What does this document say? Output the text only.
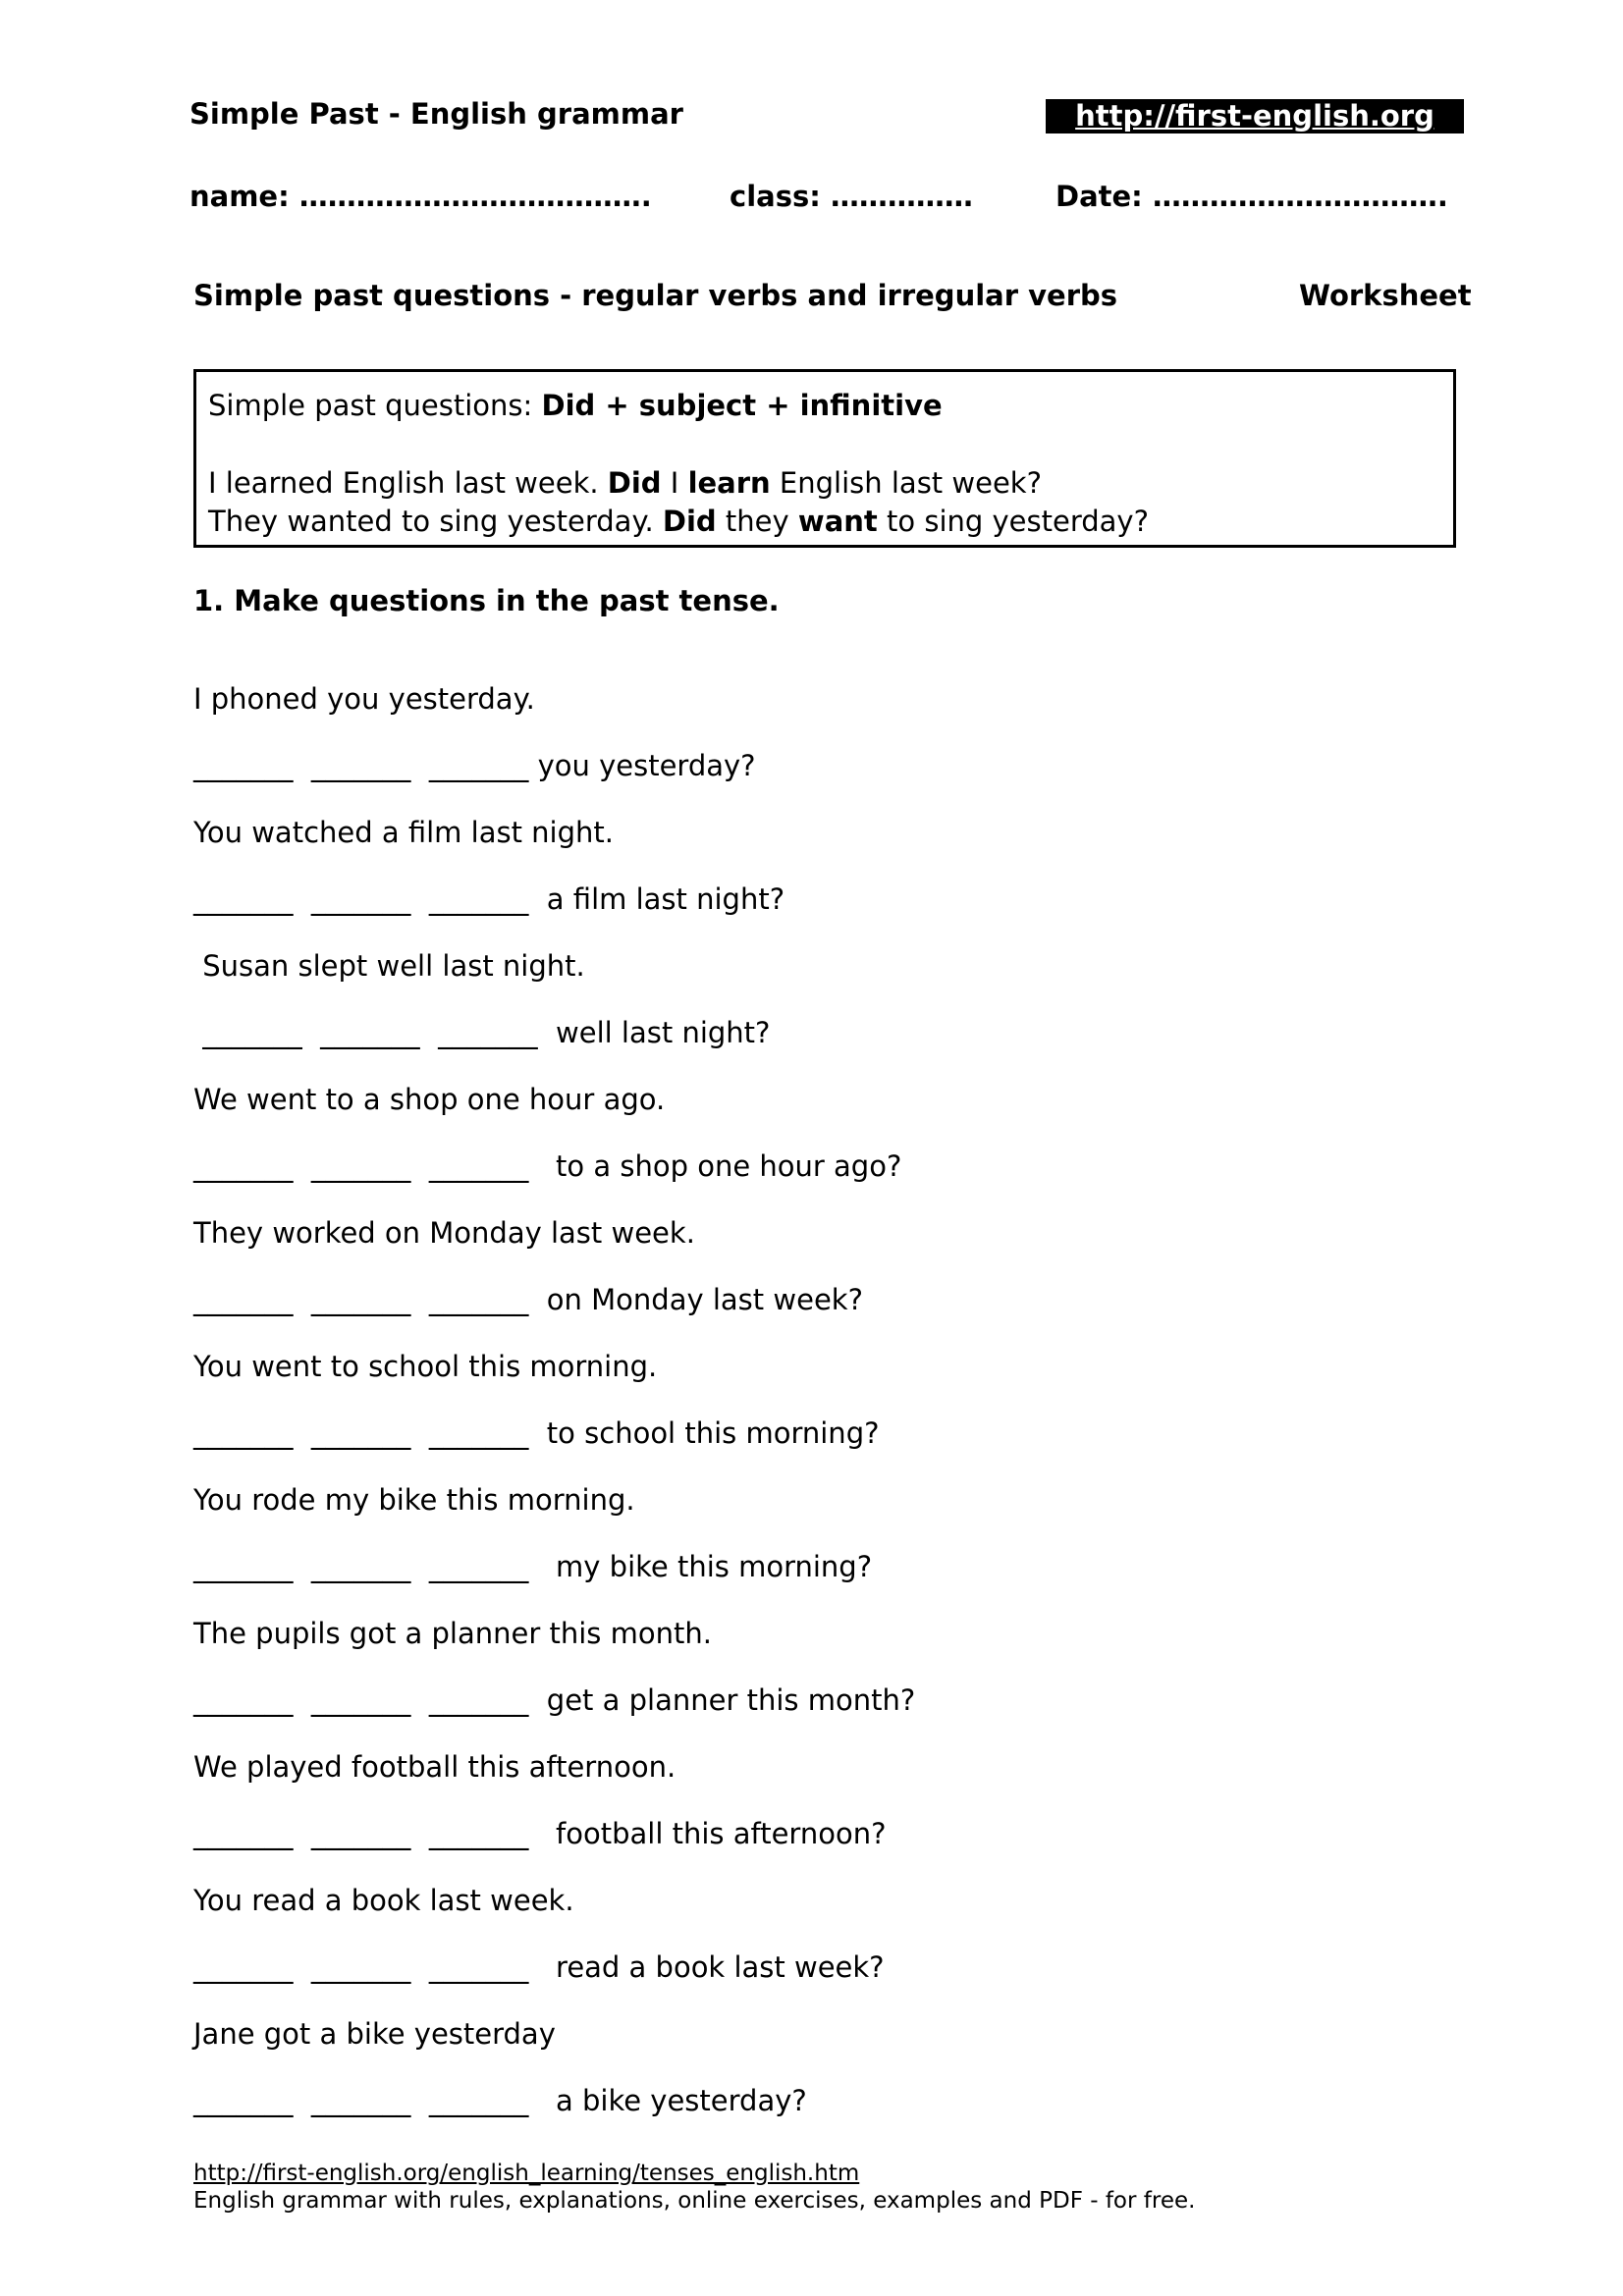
Simple Past - English grammar	http://first-english.org
name: ……………………………….	class: ……………	Date: ………………………….
Simple past questions - regular verbs and irregular verbs	Worksheet
Simple past questions: Did + subject + infinitive
I learned English last week. Did I learn English last week?
They wanted to sing yesterday. Did they want to sing yesterday?
1. Make questions in the past tense.
I phoned you yesterday.
_______  _______  _______ you yesterday?
You watched a film last night.
_______  _______  _______  a film last night?
Susan slept well last night.
_______  _______  _______  well last night?
We went to a shop one hour ago.
_______  _______  _______   to a shop one hour ago?
They worked on Monday last week.
_______  _______  _______  on Monday last week?
You went to school this morning.
_______  _______  _______  to school this morning?
You rode my bike this morning.
_______  _______  _______   my bike this morning?
The pupils got a planner this month.
_______  _______  _______  get a planner this month?
We played football this afternoon.
_______  _______  _______   football this afternoon?
You read a book last week.
_______  _______  _______   read a book last week?
Jane got a bike yesterday
_______  _______  _______   a bike yesterday?
http://first-english.org/english_learning/tenses_english.htm
English grammar with rules, explanations, online exercises, examples and PDF - for free.
